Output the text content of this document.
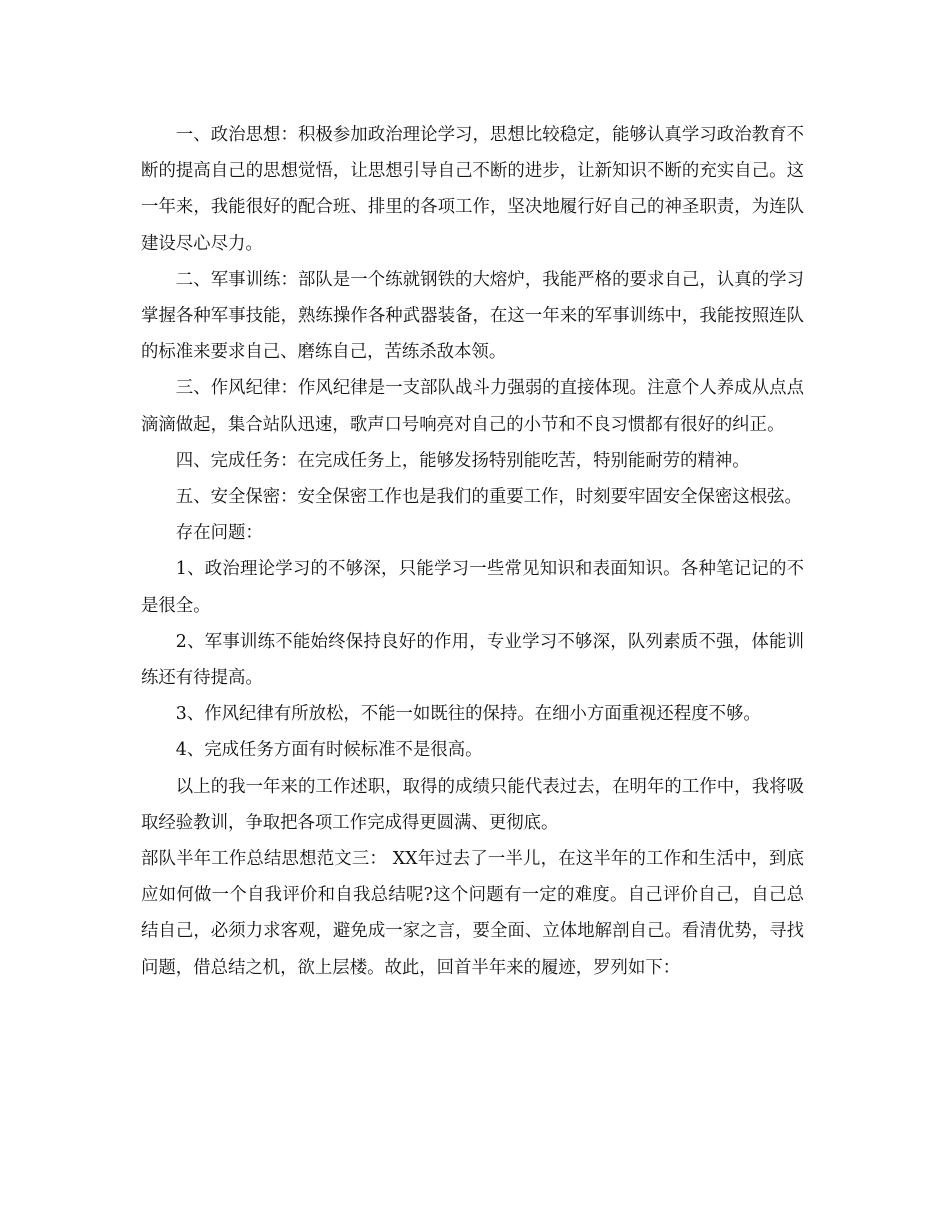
一、政治思想：积极参加政治理论学习，思想比较稳定，能够认真学习政治教育不断的提高自己的思想觉悟，让思想引导自己不断的进步，让新知识不断的充实自己。这一年来，我能很好的配合班、排里的各项工作，坚决地履行好自己的神圣职责，为连队建设尽心尽力。

二、军事训练：部队是一个练就钢铁的大熔炉，我能严格的要求自己，认真的学习掌握各种军事技能，熟练操作各种武器装备，在这一年来的军事训练中，我能按照连队的标准来要求自己、磨练自己，苦练杀敌本领。

三、作风纪律：作风纪律是一支部队战斗力强弱的直接体现。注意个人养成从点点滴滴做起，集合站队迅速，歌声口号响亮对自己的小节和不良习惯都有很好的纠正。

四、完成任务：在完成任务上，能够发扬特别能吃苦，特别能耐劳的精神。

五、安全保密：安全保密工作也是我们的重要工作，时刻要牢固安全保密这根弦。

存在问题：

1、政治理论学习的不够深，只能学习一些常见知识和表面知识。各种笔记记的不是很全。

2、军事训练不能始终保持良好的作用，专业学习不够深，队列素质不强，体能训练还有待提高。

3、作风纪律有所放松，不能一如既往的保持。在细小方面重视还程度不够。

4、完成任务方面有时候标准不是很高。

以上的我一年来的工作述职，取得的成绩只能代表过去，在明年的工作中，我将吸取经验教训，争取把各项工作完成得更圆满、更彻底。

部队半年工作总结思想范文三： XX年过去了一半儿，在这半年的工作和生活中，到底应如何做一个自我评价和自我总结呢?这个问题有一定的难度。自己评价自己，自己总结自己，必须力求客观，避免成一家之言，要全面、立体地解剖自己。看清优势，寻找问题，借总结之机，欲上层楼。故此，回首半年来的履迹，罗列如下：
